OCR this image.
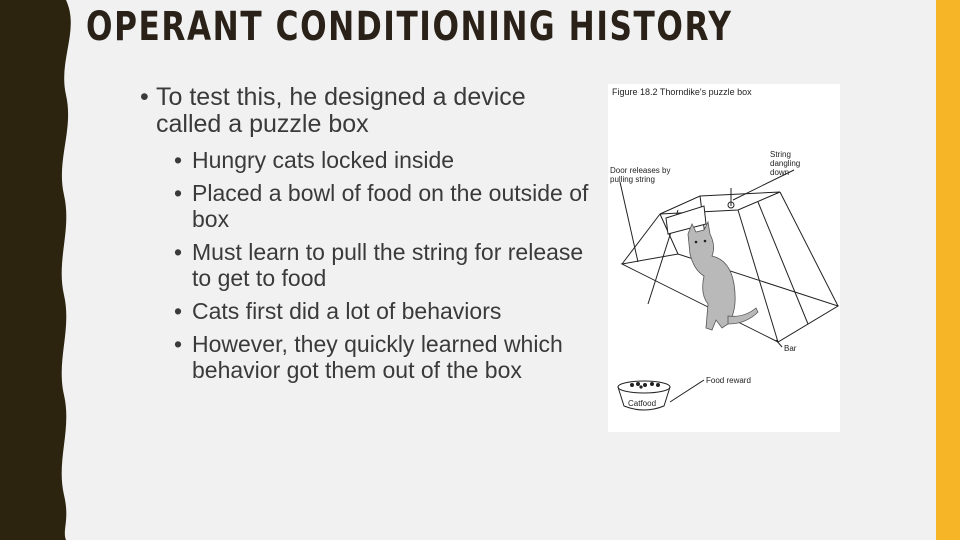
OPERANT CONDITIONING HISTORY
• To test this, he designed a device called a puzzle box
• Hungry cats locked inside
• Placed a bowl of food on the outside of box
• Must learn to pull the string for release to get to food
• Cats first did a lot of behaviors
• However, they quickly learned which behavior got them out of the box
Figure 18.2 Thorndike's puzzle box
Door releases by pulling string
String dangling down
Bar
Food reward
Catfood
